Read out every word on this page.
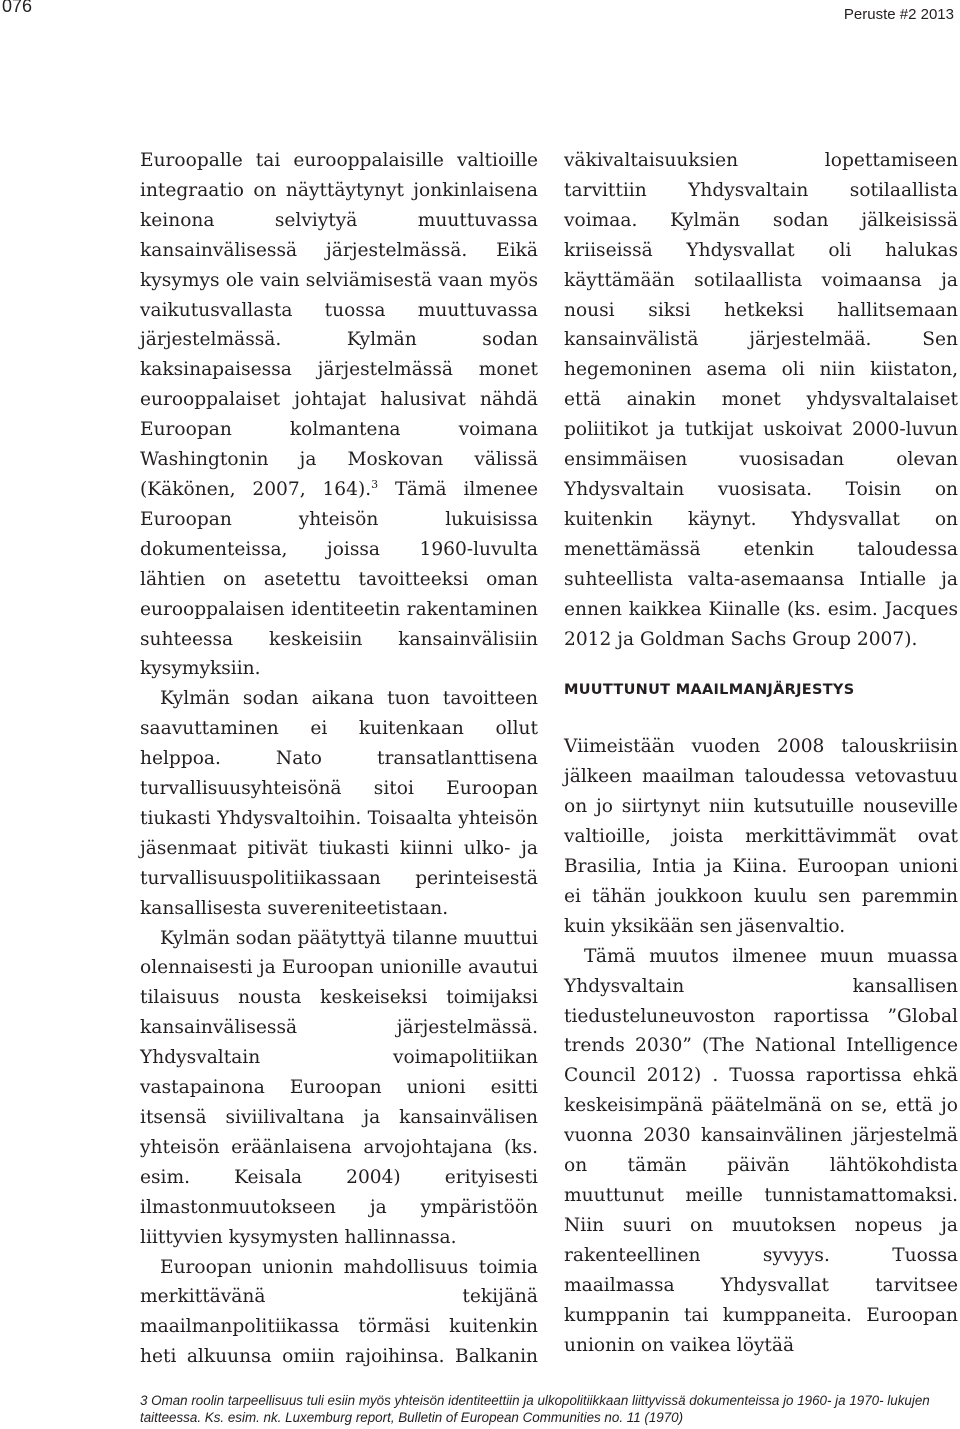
076	Peruste #2 2013

Euroopalle tai eurooppalaisille valtioille integraatio on näyttäytynyt jonkinlaisena keinona selviytyä muuttuvassa kansainvälisessä järjestelmässä. Eikä kysymys ole vain selviämisestä vaan myös vaikutusvallasta tuossa muuttuvassa järjestelmässä. Kylmän sodan kaksinapaisessa järjestelmässä monet eurooppalaiset johtajat halusivat nähdä Euroopan kolmantena voimana Washingtonin ja Moskovan välissä (Käkönen, 2007, 164).$^3$ Tämä ilmenee Euroopan yhteisön lukuisissa dokumenteissa, joissa 1960-luvulta lähtien on asetettu tavoitteeksi oman eurooppalaisen identiteetin rakentaminen suhteessa keskeisiin kansainvälisiin kysymyksiin.

Kylmän sodan aikana tuon tavoitteen saavuttaminen ei kuitenkaan ollut helppoa. Nato transatlanttisena turvallisuusyhteisönä sitoi Euroopan tiukasti Yhdysvaltoihin. Toisaalta yhteisön jäsenmaat pitivät tiukasti kiinni ulko- ja turvallisuuspolitiikassaan perinteisestä kansallisesta suvereniteetistaan.

Kylmän sodan päätyttyä tilanne muuttui olennaisesti ja Euroopan unionille avautui tilaisuus nousta keskeiseksi toimijaksi kansainvälisessä järjestelmässä. Yhdysvaltain voimapolitiikan vastapainona Euroopan unioni esitti itsensä siviilivaltana ja kansainvälisen yhteisön eräänlaisena arvojohtajana (ks. esim. Keisala 2004) erityisesti ilmastonmuutokseen ja ympäristöön liittyvien kysymysten hallinnassa.

Euroopan unionin mahdollisuus toimia merkittävänä tekijänä maailmanpolitiikassa törmäsi kuitenkin heti alkuunsa omiin rajoihinsa. Balkanin

väkivaltaisuuksien lopettamiseen tarvittiin Yhdysvaltain sotilaallista voimaa. Kylmän sodan jälkeisissä kriiseissä Yhdysvallat oli halukas käyttämään sotilaallista voimaansa ja nousi siksi hetkeksi hallitsemaan kansainvälistä järjestelmää. Sen hegemoninen asema oli niin kiistaton, että ainakin monet yhdysvaltalaiset poliitikot ja tutkijat uskoivat 2000-luvun ensimmäisen vuosisadan olevan Yhdysvaltain vuosisata. Toisin on kuitenkin käynyt. Yhdysvallat on menettämässä etenkin taloudessa suhteellista valta-asemaansa Intialle ja ennen kaikkea Kiinalle (ks. esim. Jacques 2012 ja Goldman Sachs Group 2007).

MUUTTUNUT MAAILMANJÄRJESTYS

Viimeistään vuoden 2008 talouskriisin jälkeen maailman taloudessa vetovastuu on jo siirtynyt niin kutsutuille nouseville valtioille, joista merkittävimmät ovat Brasilia, Intia ja Kiina. Euroopan unioni ei tähän joukkoon kuulu sen paremmin kuin yksikään sen jäsenvaltio.

Tämä muutos ilmenee muun muassa Yhdysvaltain kansallisen tiedusteluneuvoston raportissa ”Global trends 2030” (The National Intelligence Council 2012) . Tuossa raportissa ehkä keskeisimpänä päätelmänä on se, että jo vuonna 2030 kansainvälinen järjestelmä on tämän päivän lähtökohdista muuttunut meille tunnistamattomaksi. Niin suuri on muutoksen nopeus ja rakenteellinen syvyys. Tuossa maailmassa Yhdysvallat tarvitsee kumppanin tai kumppaneita. Euroopan unionin on vaikea löytää

3 Oman roolin tarpeellisuus tuli esiin myös yhteisön identiteettiin ja ulkopolitiikkaan liittyvissä dokumenteissa jo 1960- ja 1970- lukujen taitteessa. Ks. esim. nk. Luxemburg report, Bulletin of European Communities no. 11 (1970)
